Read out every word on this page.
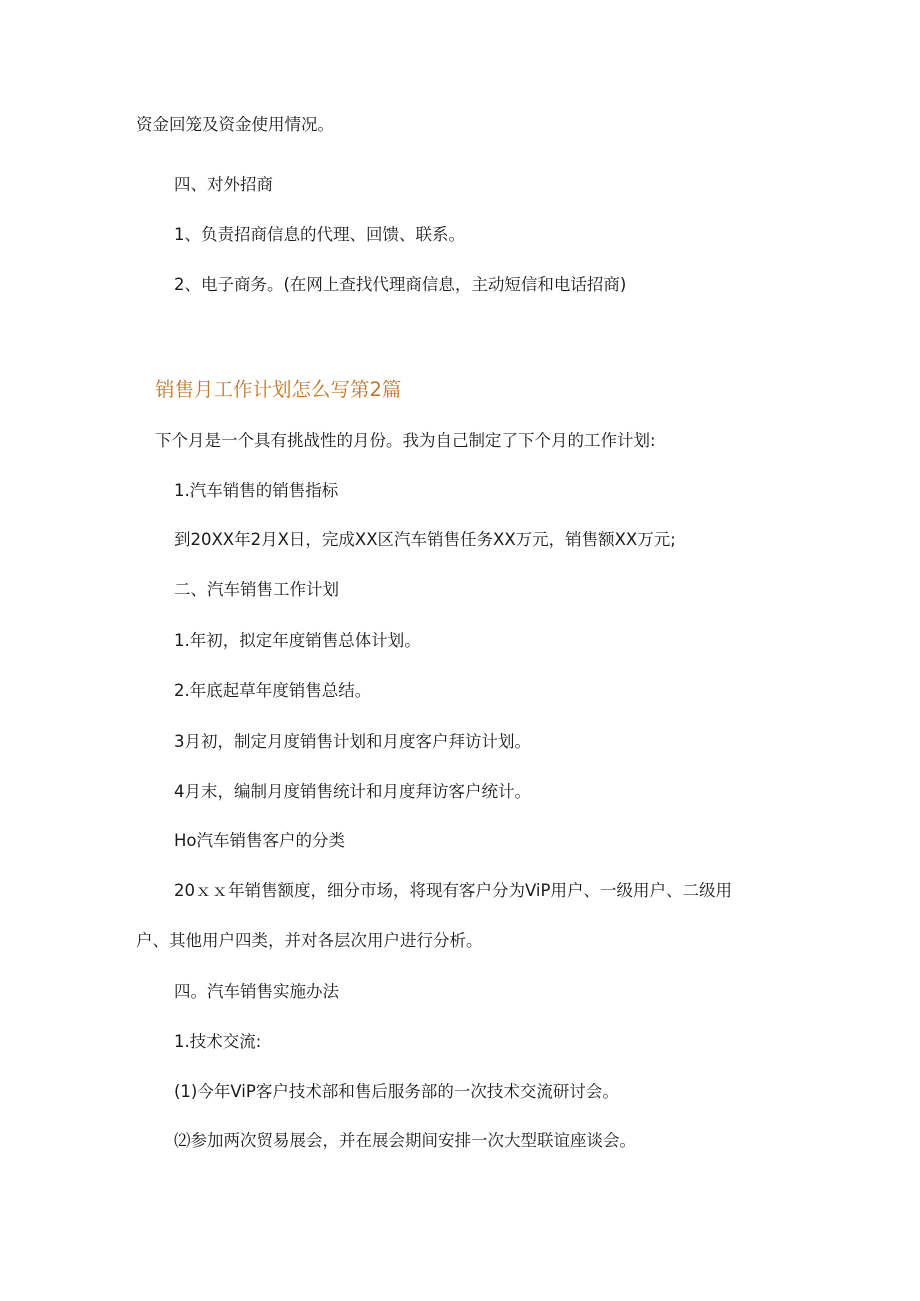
资金回笼及资金使用情况。
四、对外招商
1、负责招商信息的代理、回馈、联系。
2、电子商务。(在网上查找代理商信息，主动短信和电话招商)
销售月工作计划怎么写第2篇
下个月是一个具有挑战性的月份。我为自己制定了下个月的工作计划:
1.汽车销售的销售指标
到20XX年2月X日，完成XX区汽车销售任务XX万元，销售额XX万元;
二、汽车销售工作计划
1.年初，拟定年度销售总体计划。
2.年底起草年度销售总结。
3月初，制定月度销售计划和月度客户拜访计划。
4月末，编制月度销售统计和月度拜访客户统计。
Ho汽车销售客户的分类
20ｘｘ年销售额度，细分市场，将现有客户分为ViP用户、一级用户、二级用
户、其他用户四类，并对各层次用户进行分析。
四。汽车销售实施办法
1.技术交流:
(1)今年ViP客户技术部和售后服务部的一次技术交流研讨会。
⑵参加两次贸易展会，并在展会期间安排一次大型联谊座谈会。
